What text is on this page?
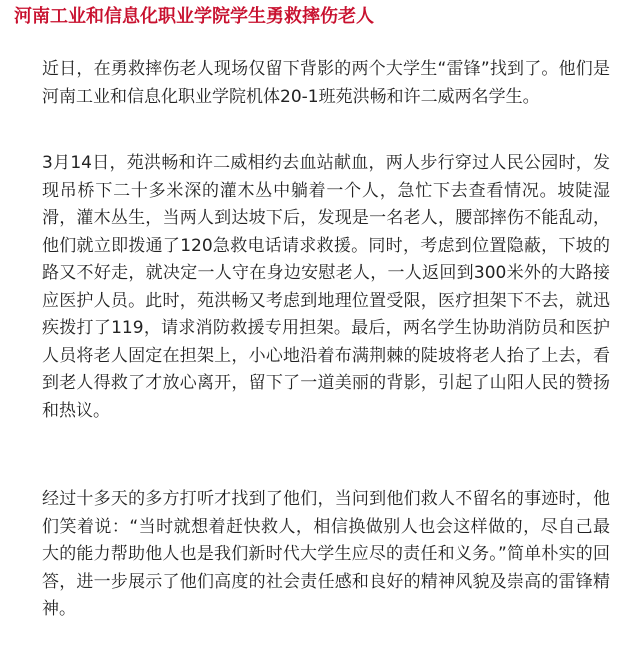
河南工业和信息化职业学院学生勇救摔伤老人

近日，在勇救摔伤老人现场仅留下背影的两个大学生“雷锋”找到了。他们是河南工业和信息化职业学院机体20-1班苑洪畅和许二威两名学生。

3月14日，苑洪畅和许二威相约去血站献血，两人步行穿过人民公园时，发现吊桥下二十多米深的灌木丛中躺着一个人，急忙下去查看情况。坡陡湿滑，灌木丛生，当两人到达坡下后，发现是一名老人，腰部摔伤不能乱动，他们就立即拨通了120急救电话请求救援。同时，考虑到位置隐蔽，下坡的路又不好走，就决定一人守在身边安慰老人，一人返回到300米外的大路接应医护人员。此时，苑洪畅又考虑到地理位置受限，医疗担架下不去，就迅疾拨打了119，请求消防救援专用担架。最后，两名学生协助消防员和医护人员将老人固定在担架上，小心地沿着布满荆棘的陡坡将老人抬了上去，看到老人得救了才放心离开，留下了一道美丽的背影，引起了山阳人民的赞扬和热议。

经过十多天的多方打听才找到了他们，当问到他们救人不留名的事迹时，他们笑着说：“当时就想着赶快救人，相信换做别人也会这样做的，尽自己最大的能力帮助他人也是我们新时代大学生应尽的责任和义务。”简单朴实的回答，进一步展示了他们高度的社会责任感和良好的精神风貌及崇高的雷锋精神。
